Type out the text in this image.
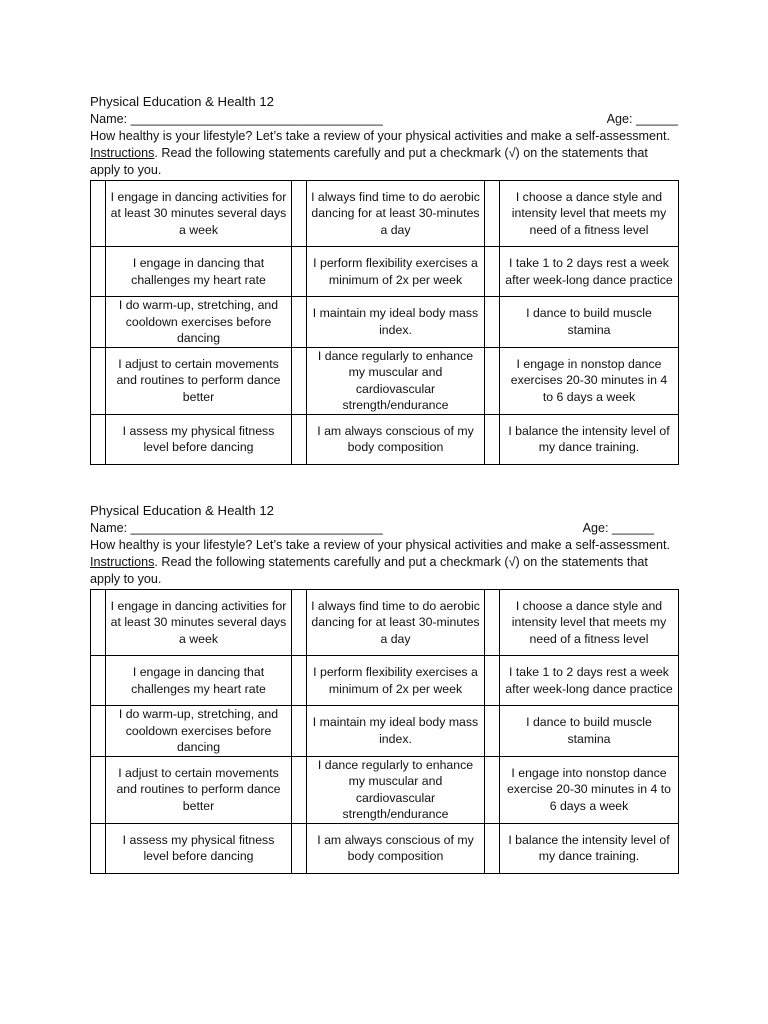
Physical Education & Health 12
Name: ____________________________________	Age: ______
How healthy is your lifestyle? Let’s take a review of your physical activities and make a self-assessment.
Instructions. Read the following statements carefully and put a checkmark (√) on the statements that apply to you.
	I engage in dancing activities for at least 30 minutes several days a week		I always find time to do aerobic dancing for at least 30-minutes a day		I choose a dance style and intensity level that meets my need of a fitness level
	I engage in dancing that challenges my heart rate		I perform flexibility exercises a minimum of 2x per week		I take 1 to 2 days rest a week after week-long dance practice
	I do warm-up, stretching, and cooldown exercises before dancing		I maintain my ideal body mass index.		I dance to build muscle stamina
	I adjust to certain movements and routines to perform dance better		I dance regularly to enhance my muscular and cardiovascular strength/endurance		I engage in nonstop dance exercises 20-30 minutes in 4 to 6 days a week
	I assess my physical fitness level before dancing		I am always conscious of my body composition		I balance the intensity level of my dance training.
Physical Education & Health 12
Name: ____________________________________	Age: ______
How healthy is your lifestyle? Let’s take a review of your physical activities and make a self-assessment.
Instructions. Read the following statements carefully and put a checkmark (√) on the statements that apply to you.
	I engage in dancing activities for at least 30 minutes several days a week		I always find time to do aerobic dancing for at least 30-minutes a day		I choose a dance style and intensity level that meets my need of a fitness level
	I engage in dancing that challenges my heart rate		I perform flexibility exercises a minimum of 2x per week		I take 1 to 2 days rest a week after week-long dance practice
	I do warm-up, stretching, and cooldown exercises before dancing		I maintain my ideal body mass index.		I dance to build muscle stamina
	I adjust to certain movements and routines to perform dance better		I dance regularly to enhance my muscular and cardiovascular strength/endurance		I engage into nonstop dance exercise 20-30 minutes in 4 to 6 days a week
	I assess my physical fitness level before dancing		I am always conscious of my body composition		I balance the intensity level of my dance training.
